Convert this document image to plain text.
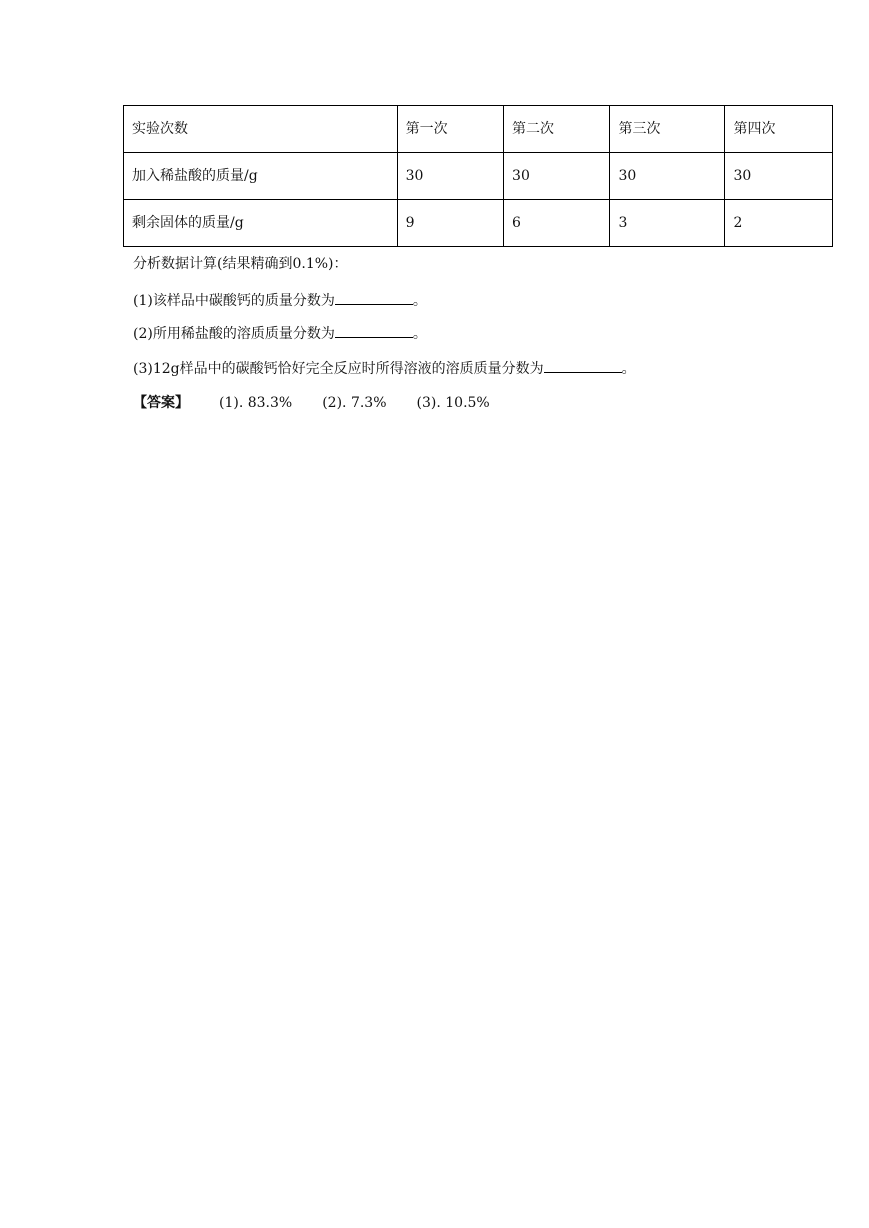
实验次数	第一次	第二次	第三次	第四次
加入稀盐酸的质量/g	30	30	30	30
剩余固体的质量/g	9	6	3	2
分析数据计算(结果精确到0.1%)：
(1)该样品中碳酸钙的质量分数为	。
(2)所用稀盐酸的溶质质量分数为	。
(3)12g样品中的碳酸钙恰好完全反应时所得溶液的溶质质量分数为	。
【答案】 (1). 83.3% (2). 7.3% (3). 10.5%
